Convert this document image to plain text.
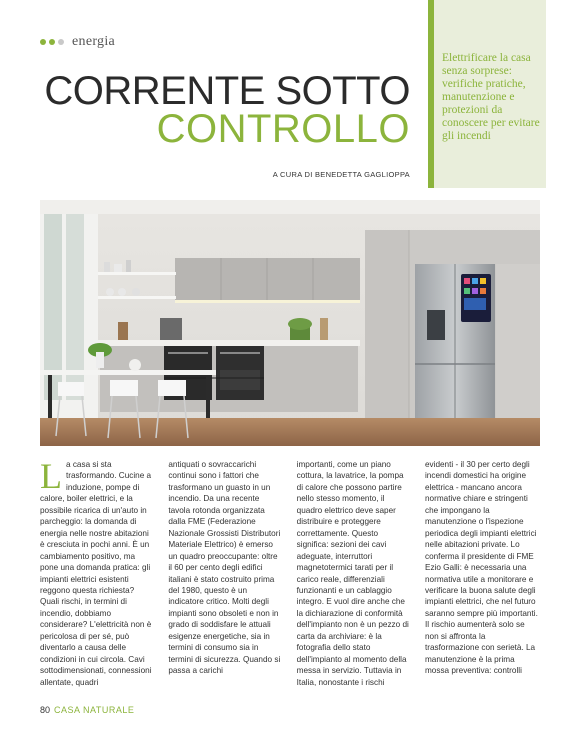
energia
CORRENTE SOTTO
CONTROLLO
A CURA DI BENEDETTA GAGLIOPPA

Elettrificare la casa senza sorprese: verifiche pratiche, manutenzione e protezioni da conoscere per evitare gli incendi

L a casa si sta trasformando. Cucine a induzione, pompe di calore, boiler elettrici, e la possibile ricarica di un'auto in parcheggio: la domanda di energia nelle nostre abitazioni è cresciuta in pochi anni. È un cambiamento positivo, ma pone una domanda pratica: gli impianti elettrici esistenti reggono questa richiesta? Quali rischi, in termini di incendio, dobbiamo considerare? L'elettricità non è pericolosa di per sé, può diventarlo a causa delle condizioni in cui circola. Cavi sottodimensionati, connessioni allentate, quadri

antiquati o sovraccarichi continui sono i fattori che trasformano un guasto in un incendio. Da una recente tavola rotonda organizzata dalla FME (Federazione Nazionale Grossisti Distributori Materiale Elettrico) è emerso un quadro preoccupante: oltre il 60 per cento degli edifici italiani è stato costruito prima del 1980, questo è un indicatore critico. Molti degli impianti sono obsoleti e non in grado di soddisfare le attuali esigenze energetiche, sia in termini di consumo sia in termini di sicurezza. Quando si passa a carichi

importanti, come un piano cottura, la lavatrice, la pompa di calore che possono partire nello stesso momento, il quadro elettrico deve saper distribuire e proteggere correttamente. Questo significa: sezioni dei cavi adeguate, interruttori magnetotermici tarati per il carico reale, differenziali funzionanti e un cablaggio integro. E vuol dire anche che la dichiarazione di conformità dell'impianto non è un pezzo di carta da archiviare: è la fotografia dello stato dell'impianto al momento della messa in servizio. Tuttavia in Italia, nonostante i rischi

evidenti - il 30 per certo degli incendi domestici ha origine elettrica - mancano ancora normative chiare e stringenti che impongano la manutenzione o l'ispezione periodica degli impianti elettrici nelle abitazioni private. Lo conferma il presidente di FME Ezio Galli: è necessaria una normativa utile a monitorare e verificare la buona salute degli impianti elettrici, che nel futuro saranno sempre più importanti. Il rischio aumenterà solo se non si affronta la trasformazione con serietà. La manutenzione è la prima mossa preventiva: controlli

80 CASA NATURALE
